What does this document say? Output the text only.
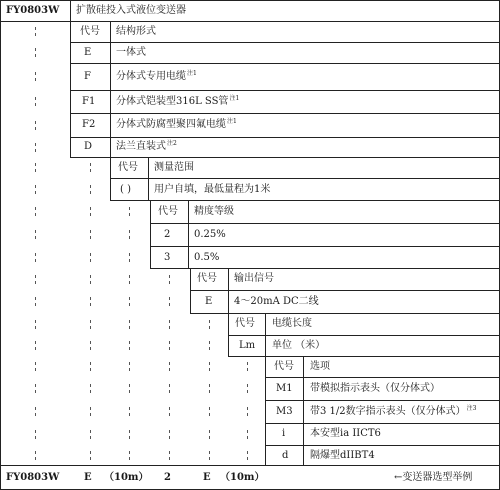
FY0803W 扩散硅投入式液位变送器
代号 结构形式
E 一体式
F	分体式专用电缆$^{注1}$
F1 分体式铠装型316L SS管$^{注1}$
F2 分体式防腐型聚四氟电缆$^{注1}$
D 法兰直装式$^{注2}$
代号 测量范围
( ) 用户自填，最低量程为1米
代号 精度等级
2 0.25%
3 0.5%
代号 输出信号
E 4～20mA DC二线
代号 电缆长度
Lm 单位 （米）
代号 选项
M1 带模拟指示表头（仅分体式）
M3 带3 1/2数字指示表头（仅分体式）$^{注3}$
i 本安型ia IICT6
d 隔爆型dIIBT4
FY0803W E （10m） 2	E （10m）	←变送器选型举例
